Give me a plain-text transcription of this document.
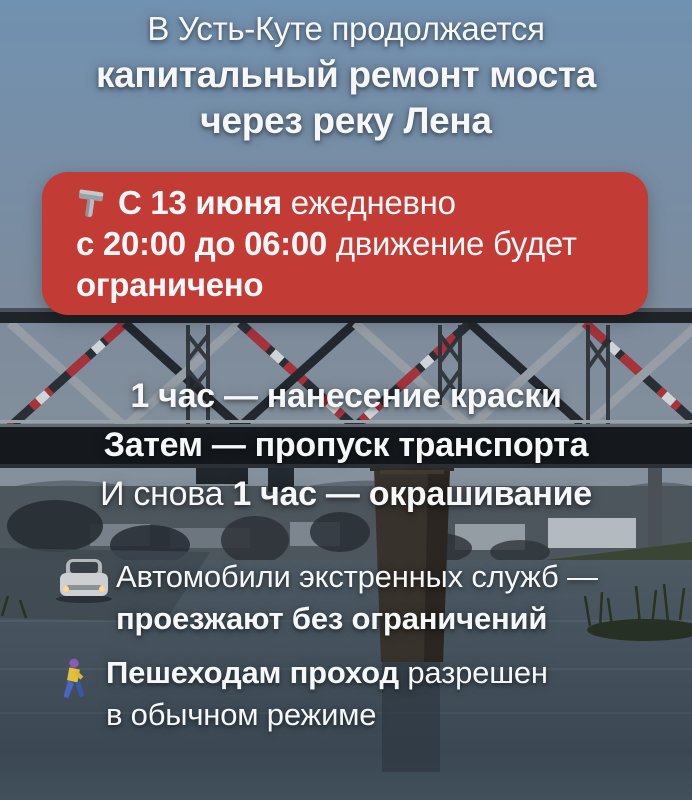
В Усть-Куте продолжается
капитальный ремонт моста
через реку Лена
С 13 июня ежедневно
с 20:00 до 06:00 движение будет
ограничено
1 час — нанесение краски
Затем — пропуск транспорта
И снова 1 час — окрашивание
Автомобили экстренных служб —
проезжают без ограничений
Пешеходам проход разрешен
в обычном режиме
